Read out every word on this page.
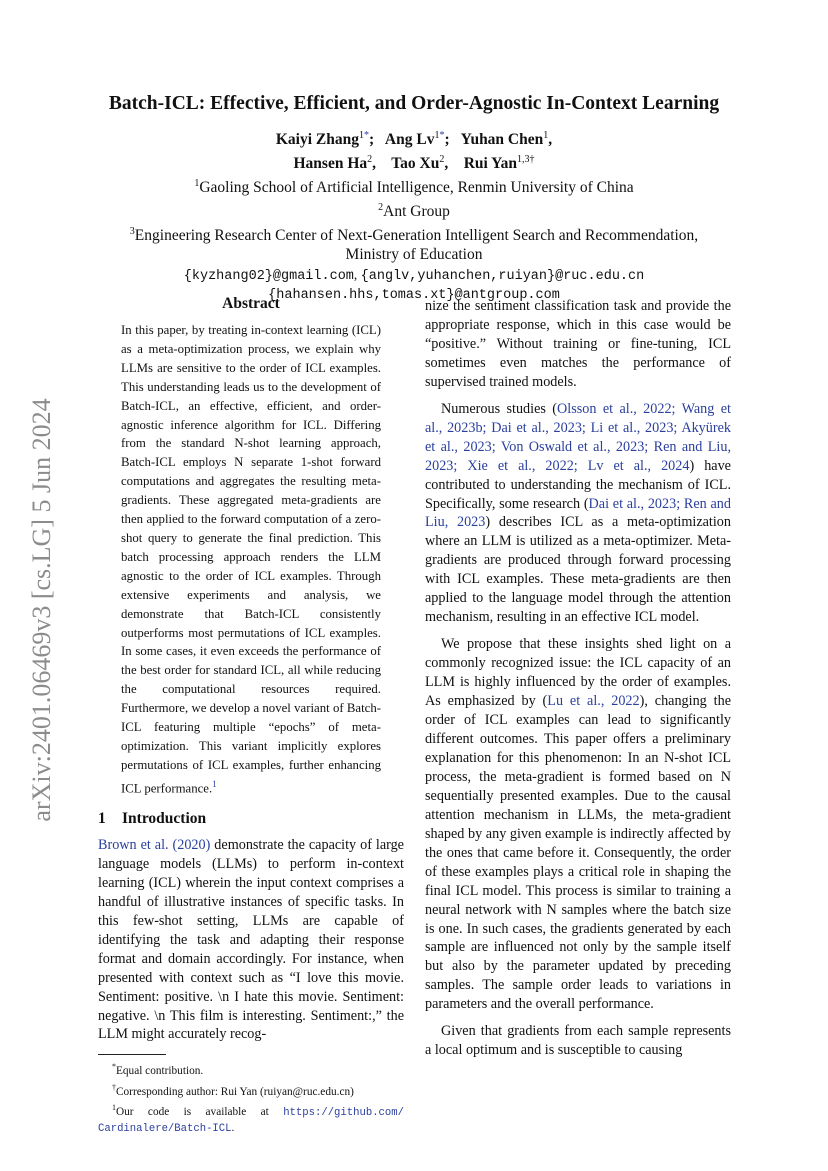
arXiv:2401.06469v3 [cs.LG] 5 Jun 2024
Batch-ICL: Effective, Efficient, and Order-Agnostic In-Context Learning
Kaiyi Zhang$^{1*}$;   Ang $Lv^{1*}$;   Yuhan Chen$^1$,
Hansen Ha$^2$,    Tao Xu$^2$,    Rui Yan$^{1,3\dagger}$
$^1$Gaoling School of Artificial Intelligence, Renmin University of China
$^2$Ant Group
$^3$Engineering Research Center of Next-Generation Intelligent Search and Recommendation,
Ministry of Education
{kyzhang02}@gmail.com, {anglv,yuhanchen,ruiyan}@ruc.edu.cn
{hahansen.hhs,tomas.xt}@antgroup.com
Abstract

In this paper, by treating in-context learning (ICL) as a meta-optimization process, we explain why LLMs are sensitive to the order of ICL examples. This understanding leads us to the development of Batch-ICL, an effective, efficient, and order-agnostic inference algorithm for ICL. Differing from the standard N-shot learning approach, Batch-ICL employs N separate 1-shot forward computations and aggregates the resulting meta-gradients. These aggregated meta-gradients are then applied to the forward computation of a zero-shot query to generate the final prediction. This batch processing approach renders the LLM agnostic to the order of ICL examples. Through extensive experiments and analysis, we demonstrate that Batch-ICL consistently outperforms most permutations of ICL examples. In some cases, it even exceeds the performance of the best order for standard ICL, all while reducing the computational resources required. Furthermore, we develop a novel variant of Batch-ICL featuring multiple “epochs” of meta-optimization. This variant implicitly explores permutations of ICL examples, further enhancing ICL performance.$^1$

1 Introduction

Brown et al. (2020) demonstrate the capacity of large language models (LLMs) to perform in-context learning (ICL) wherein the input context comprises a handful of illustrative instances of specific tasks. In this few-shot setting, LLMs are capable of identifying the task and adapting their response format and domain accordingly. For instance, when presented with context such as “I love this movie. Sentiment: positive. \n I hate this movie. Sentiment: negative. \n This film is interesting. Sentiment:,” the LLM might accurately recog-

*Equal contribution.
†Corresponding author: Rui Yan (ruiyan@ruc.edu.cn)
$^1$Our code is available at https://github.com/ Cardinalere/Batch-ICL.

nize the sentiment classification task and provide the appropriate response, which in this case would be “positive.” Without training or fine-tuning, ICL sometimes even matches the performance of supervised trained models.

Numerous studies (Olsson et al., 2022; Wang et al., 2023b; Dai et al., 2023; Li et al., 2023; Akyürek et al., 2023; Von Oswald et al., 2023; Ren and Liu, 2023; Xie et al., 2022; Lv et al., 2024) have contributed to understanding the mechanism of ICL. Specifically, some research (Dai et al., 2023; Ren and Liu, 2023) describes ICL as a meta-optimization where an LLM is utilized as a meta-optimizer. Meta-gradients are produced through forward processing with ICL examples. These meta-gradients are then applied to the language model through the attention mechanism, resulting in an effective ICL model.

We propose that these insights shed light on a commonly recognized issue: the ICL capacity of an LLM is highly influenced by the order of examples. As emphasized by (Lu et al., 2022), changing the order of ICL examples can lead to significantly different outcomes. This paper offers a preliminary explanation for this phenomenon: In an N-shot ICL process, the meta-gradient is formed based on N sequentially presented examples. Due to the causal attention mechanism in LLMs, the meta-gradient shaped by any given example is indirectly affected by the ones that came before it. Consequently, the order of these examples plays a critical role in shaping the final ICL model. This process is similar to training a neural network with N samples where the batch size is one. In such cases, the gradients generated by each sample are influenced not only by the sample itself but also by the parameter updated by preceding samples. The sample order leads to variations in parameters and the overall performance.

Given that gradients from each sample represents a local optimum and is susceptible to causing
